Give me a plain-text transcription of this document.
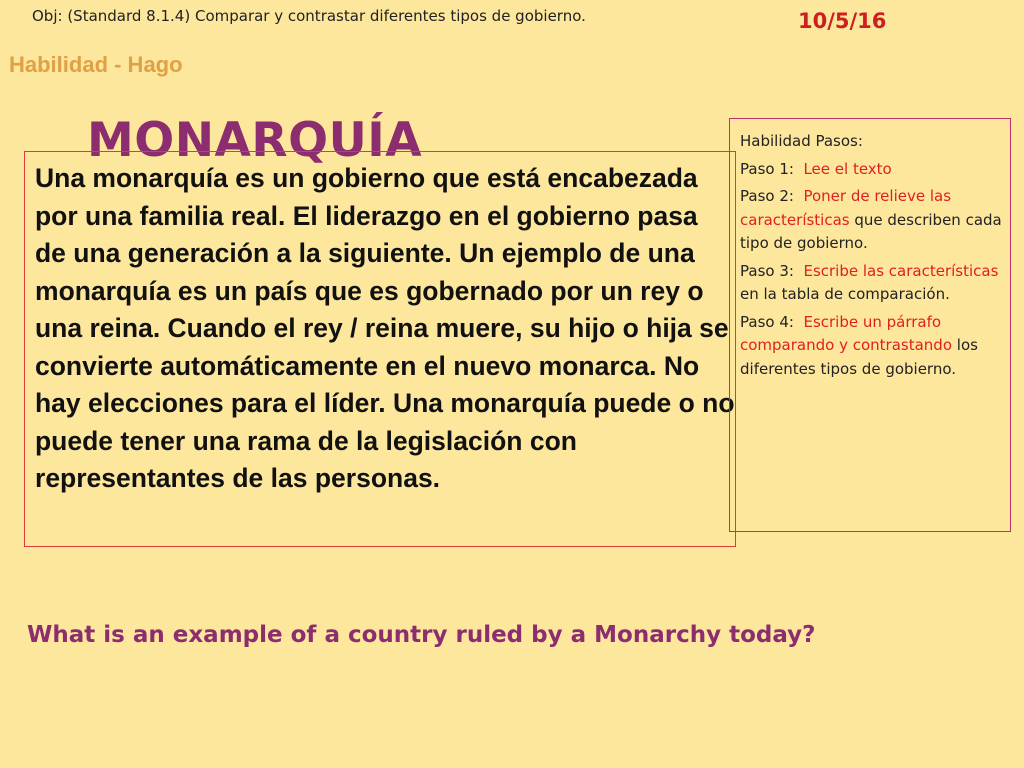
Obj: (Standard 8.1.4) Comparar y contrastar diferentes tipos de gobierno.	10/5/16
Habilidad - Hago
MONARQUÍA

Una monarquía es un gobierno que está encabezada por una familia real. El liderazgo en el gobierno pasa de una generación a la siguiente. Un ejemplo de una monarquía es un país que es gobernado por un rey o una reina. Cuando el rey / reina muere, su hijo o hija se convierte automáticamente en el nuevo monarca. No hay elecciones para el líder. Una monarquía puede o no puede tener una rama de la legislación con representantes de las personas.

Habilidad Pasos:

Paso 1: Lee el texto

Paso 2: Poner de relieve las características que describen cada tipo de gobierno.

Paso 3: Escribe las características en la tabla de comparación.

Paso 4: Escribe un párrafo comparando y contrastando los diferentes tipos de gobierno.

What is an example of a country ruled by a Monarchy today?
